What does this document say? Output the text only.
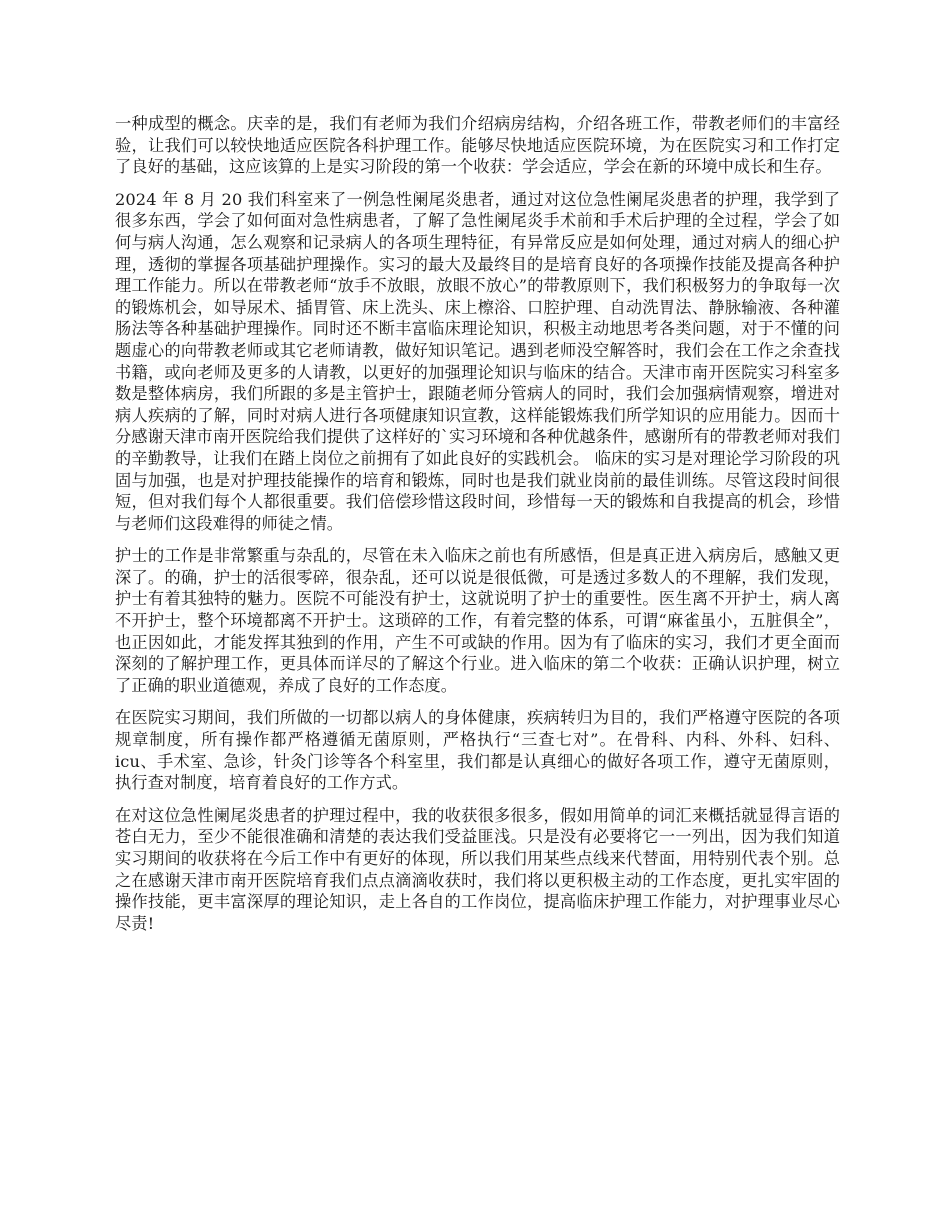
一种成型的概念。庆幸的是，我们有老师为我们介绍病房结构，介绍各班工作，带教老师们的丰富经验，让我们可以较快地适应医院各科护理工作。能够尽快地适应医院环境，为在医院实习和工作打定了良好的基础，这应该算的上是实习阶段的第一个收获：学会适应，学会在新的环境中成长和生存。

2024 年 8 月 20 我们科室来了一例急性阑尾炎患者，通过对这位急性阑尾炎患者的护理，我学到了很多东西，学会了如何面对急性病患者，了解了急性阑尾炎手术前和手术后护理的全过程，学会了如何与病人沟通，怎么观察和记录病人的各项生理特征，有异常反应是如何处理，通过对病人的细心护理，透彻的掌握各项基础护理操作。实习的最大及最终目的是培育良好的各项操作技能及提高各种护理工作能力。所以在带教老师“放手不放眼，放眼不放心”的带教原则下，我们积极努力的争取每一次的锻炼机会，如导尿术、插胃管、床上洗头、床上檫浴、口腔护理、自动洗胃法、静脉输液、各种灌肠法等各种基础护理操作。同时还不断丰富临床理论知识，积极主动地思考各类问题，对于不懂的问题虚心的向带教老师或其它老师请教，做好知识笔记。遇到老师没空解答时，我们会在工作之余查找书籍，或向老师及更多的人请教，以更好的加强理论知识与临床的结合。天津市南开医院实习科室多数是整体病房，我们所跟的多是主管护士，跟随老师分管病人的同时，我们会加强病情观察，增进对病人疾病的了解，同时对病人进行各项健康知识宣教，这样能锻炼我们所学知识的应用能力。因而十分感谢天津市南开医院给我们提供了这样好的`实习环境和各种优越条件，感谢所有的带教老师对我们的辛勤教导，让我们在踏上岗位之前拥有了如此良好的实践机会。 临床的实习是对理论学习阶段的巩固与加强，也是对护理技能操作的培育和锻炼，同时也是我们就业岗前的最佳训练。尽管这段时间很短，但对我们每个人都很重要。我们倍偿珍惜这段时间，珍惜每一天的锻炼和自我提高的机会，珍惜与老师们这段难得的师徒之情。

护士的工作是非常繁重与杂乱的，尽管在未入临床之前也有所感悟，但是真正进入病房后，感触又更深了。的确，护士的活很零碎，很杂乱，还可以说是很低微，可是透过多数人的不理解，我们发现，护士有着其独特的魅力。医院不可能没有护士，这就说明了护士的重要性。医生离不开护士，病人离不开护士，整个环境都离不开护士。这琐碎的工作，有着完整的体系，可谓“麻雀虽小，五脏俱全”，也正因如此，才能发挥其独到的作用，产生不可或缺的作用。因为有了临床的实习，我们才更全面而深刻的了解护理工作，更具体而详尽的了解这个行业。进入临床的第二个收获：正确认识护理，树立了正确的职业道德观，养成了良好的工作态度。

在医院实习期间，我们所做的一切都以病人的身体健康，疾病转归为目的，我们严格遵守医院的各项规章制度，所有操作都严格遵循无菌原则，严格执行“三查七对”。在骨科、内科、外科、妇科、icu、手术室、急诊，针灸门诊等各个科室里，我们都是认真细心的做好各项工作，遵守无菌原则，执行查对制度，培育着良好的工作方式。

在对这位急性阑尾炎患者的护理过程中，我的收获很多很多，假如用简单的词汇来概括就显得言语的苍白无力，至少不能很准确和清楚的表达我们受益匪浅。只是没有必要将它一一列出，因为我们知道实习期间的收获将在今后工作中有更好的体现，所以我们用某些点线来代替面，用特别代表个别。总之在感谢天津市南开医院培育我们点点滴滴收获时，我们将以更积极主动的工作态度，更扎实牢固的操作技能，更丰富深厚的理论知识，走上各自的工作岗位，提高临床护理工作能力，对护理事业尽心尽责!
